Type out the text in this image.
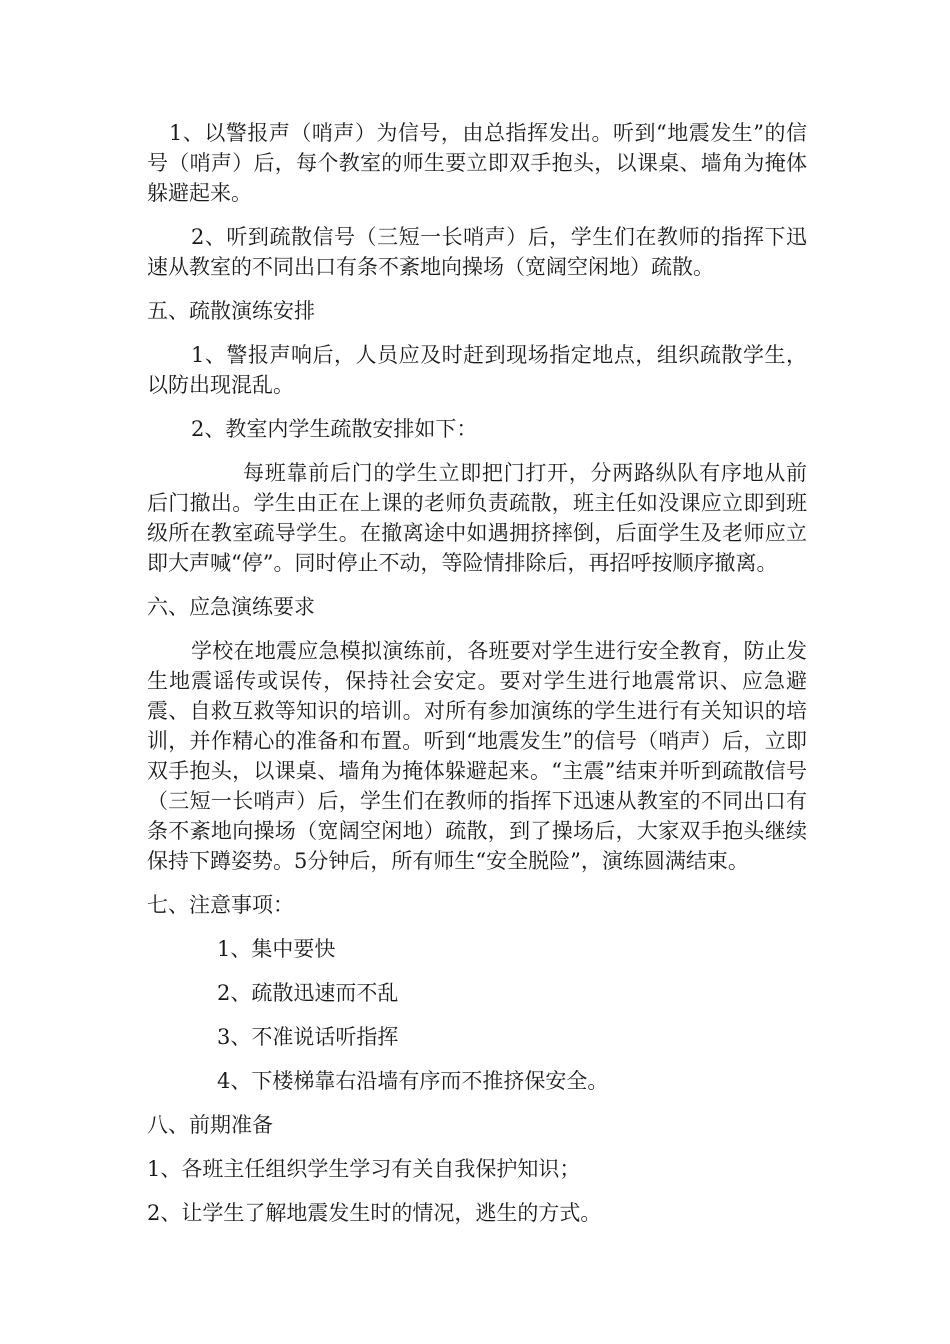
1、以警报声（哨声）为信号，由总指挥发出。听到“地震发生”的信号（哨声）后，每个教室的师生要立即双手抱头，以课桌、墙角为掩体躲避起来。

2、听到疏散信号（三短一长哨声）后，学生们在教师的指挥下迅速从教室的不同出口有条不紊地向操场（宽阔空闲地）疏散。

五、疏散演练安排

1、警报声响后，人员应及时赶到现场指定地点，组织疏散学生，以防出现混乱。

2、教室内学生疏散安排如下：

每班靠前后门的学生立即把门打开，分两路纵队有序地从前后门撤出。学生由正在上课的老师负责疏散，班主任如没课应立即到班级所在教室疏导学生。在撤离途中如遇拥挤摔倒，后面学生及老师应立即大声喊“停”。同时停止不动，等险情排除后，再招呼按顺序撤离。

六、应急演练要求

学校在地震应急模拟演练前，各班要对学生进行安全教育，防止发生地震谣传或误传，保持社会安定。要对学生进行地震常识、应急避震、自救互救等知识的培训。对所有参加演练的学生进行有关知识的培训，并作精心的准备和布置。听到“地震发生”的信号（哨声）后，立即双手抱头，以课桌、墙角为掩体躲避起来。“主震”结束并听到疏散信号（三短一长哨声）后，学生们在教师的指挥下迅速从教室的不同出口有条不紊地向操场（宽阔空闲地）疏散，到了操场后，大家双手抱头继续保持下蹲姿势。5分钟后，所有师生“安全脱险”，演练圆满结束。

七、注意事项：

1、集中要快

2、疏散迅速而不乱

3、不准说话听指挥

4、下楼梯靠右沿墙有序而不推挤保安全。

八、前期准备

1、各班主任组织学生学习有关自我保护知识；

2、让学生了解地震发生时的情况，逃生的方式。
